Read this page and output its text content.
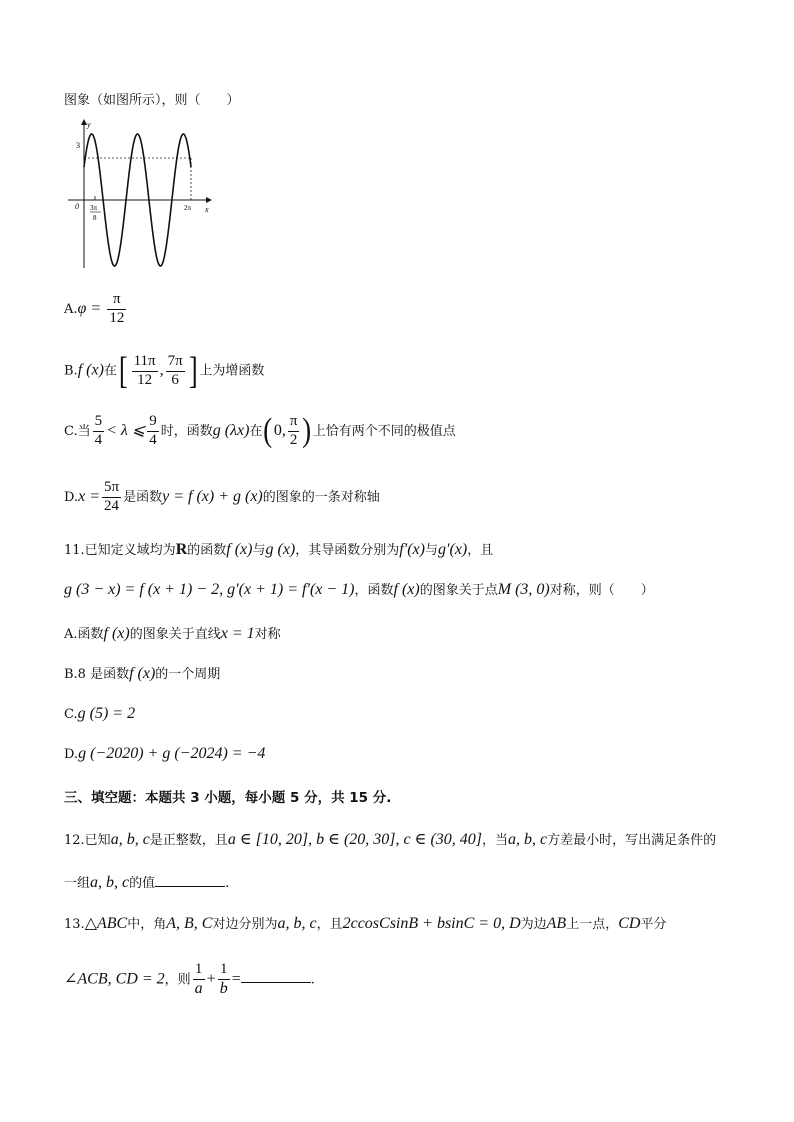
图象（如图所示），则（　　）
y
x
0
3
3π
8
2π
$A.\varphi = \frac{\pi}{12}$
B.f (x)在[ $\frac{11\pi}{12}$ , $\frac{7\pi}{6}$ ] 上为增函数
C.当 $\frac{5}{4} < \lambda$ ⩽ $\frac{9}{4}$ 时，函数g (λx)在(0, $\frac{\pi}{2}$ )上恰有两个不同的极值点
$D.x = \frac{5\pi}{24}$ 是函数y = f (x) + g (x)的图象的一条对称轴
11.已知定义域均为R的函数f (x)与g (x)，其导函数分别为f′(x)与g′(x)，且
g (3 − x) = f (x + 1) − 2, g′(x + 1) = f′(x − 1)，函数f (x)的图象关于点M (3, 0)对称，则（　　）
A.函数f (x)的图象关于直线x = 1对称
B.8 是函数f (x)的一个周期
C.g (5) = 2
D.g (−2020) + g (−2024) = −4
三、填空题：本题共 3 小题，每小题 5 分，共 15 分.
12.已知a, b, c是正整数，且a ∈ [10, 20], b ∈ (20, 30], c ∈ (30, 40]，当a, b, c方差最小时，写出满足条件的
一组a, b, c的值	.
13.△ABC中，角A, B, C对边分别为a, b, c，且2ccosCsinB + bsinC = 0, D为边AB上一点，CD平分
∠ACB, CD = 2，则 $\frac{1}{a} + \frac{1}{b}$ =	.
